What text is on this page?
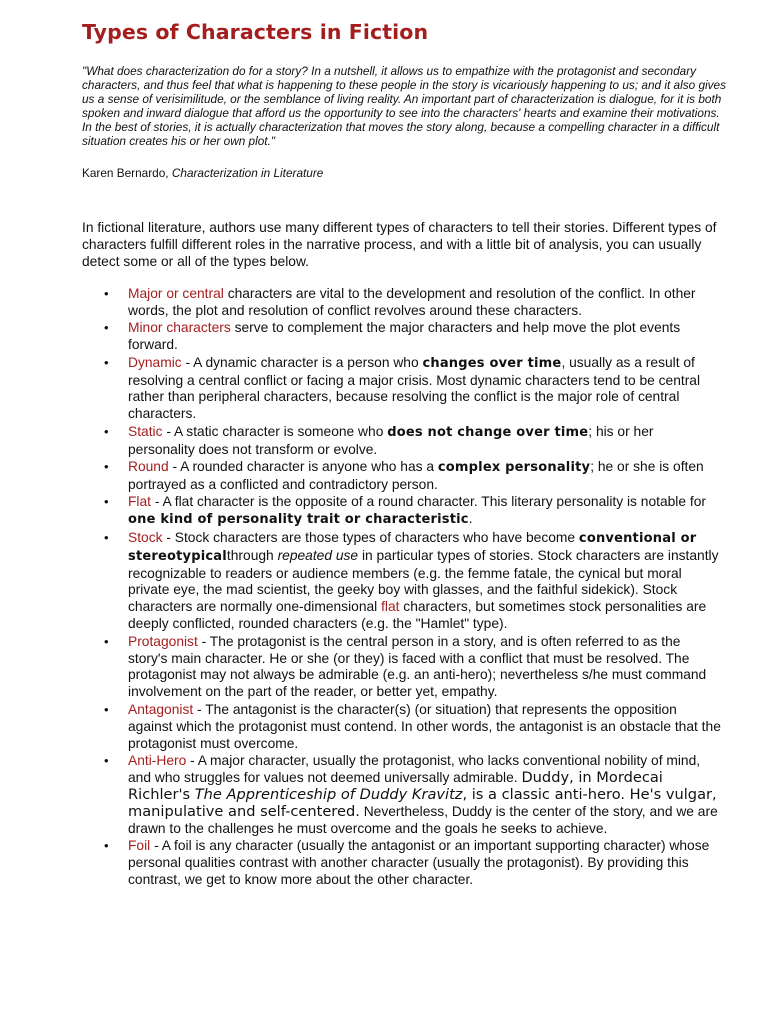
Types of Characters in Fiction

"What does characterization do for a story? In a nutshell, it allows us to empathize with the protagonist and secondary characters, and thus feel that what is happening to these people in the story is vicariously happening to us; and it also gives us a sense of verisimilitude, or the semblance of living reality. An important part of characterization is dialogue, for it is both spoken and inward dialogue that afford us the opportunity to see into the characters' hearts and examine their motivations. In the best of stories, it is actually characterization that moves the story along, because a compelling character in a difficult situation creates his or her own plot."

Karen Bernardo, Characterization in Literature

In fictional literature, authors use many different types of characters to tell their stories. Different types of characters fulfill different roles in the narrative process, and with a little bit of analysis, you can usually detect some or all of the types below.

• Major or central characters are vital to the development and resolution of the conflict. In other words, the plot and resolution of conflict revolves around these characters.
• Minor characters serve to complement the major characters and help move the plot events forward.
• Dynamic - A dynamic character is a person who changes over time, usually as a result of resolving a central conflict or facing a major crisis. Most dynamic characters tend to be central rather than peripheral characters, because resolving the conflict is the major role of central characters.
• Static - A static character is someone who does not change over time; his or her personality does not transform or evolve.
• Round - A rounded character is anyone who has a complex personality; he or she is often portrayed as a conflicted and contradictory person.
• Flat - A flat character is the opposite of a round character. This literary personality is notable for one kind of personality trait or characteristic.
• Stock - Stock characters are those types of characters who have become conventional or stereotypicalthrough repeated use in particular types of stories. Stock characters are instantly recognizable to readers or audience members (e.g. the femme fatale, the cynical but moral private eye, the mad scientist, the geeky boy with glasses, and the faithful sidekick). Stock characters are normally one-dimensional flat characters, but sometimes stock personalities are deeply conflicted, rounded characters (e.g. the "Hamlet" type).
• Protagonist - The protagonist is the central person in a story, and is often referred to as the story's main character. He or she (or they) is faced with a conflict that must be resolved. The protagonist may not always be admirable (e.g. an anti-hero); nevertheless s/he must command involvement on the part of the reader, or better yet, empathy.
• Antagonist - The antagonist is the character(s) (or situation) that represents the opposition against which the protagonist must contend. In other words, the antagonist is an obstacle that the protagonist must overcome.
• Anti-Hero - A major character, usually the protagonist, who lacks conventional nobility of mind, and who struggles for values not deemed universally admirable. Duddy, in Mordecai Richler's The Apprenticeship of Duddy Kravitz, is a classic anti-hero. He's vulgar, manipulative and self-centered. Nevertheless, Duddy is the center of the story, and we are drawn to the challenges he must overcome and the goals he seeks to achieve.
• Foil - A foil is any character (usually the antagonist or an important supporting character) whose personal qualities contrast with another character (usually the protagonist). By providing this contrast, we get to know more about the other character.
